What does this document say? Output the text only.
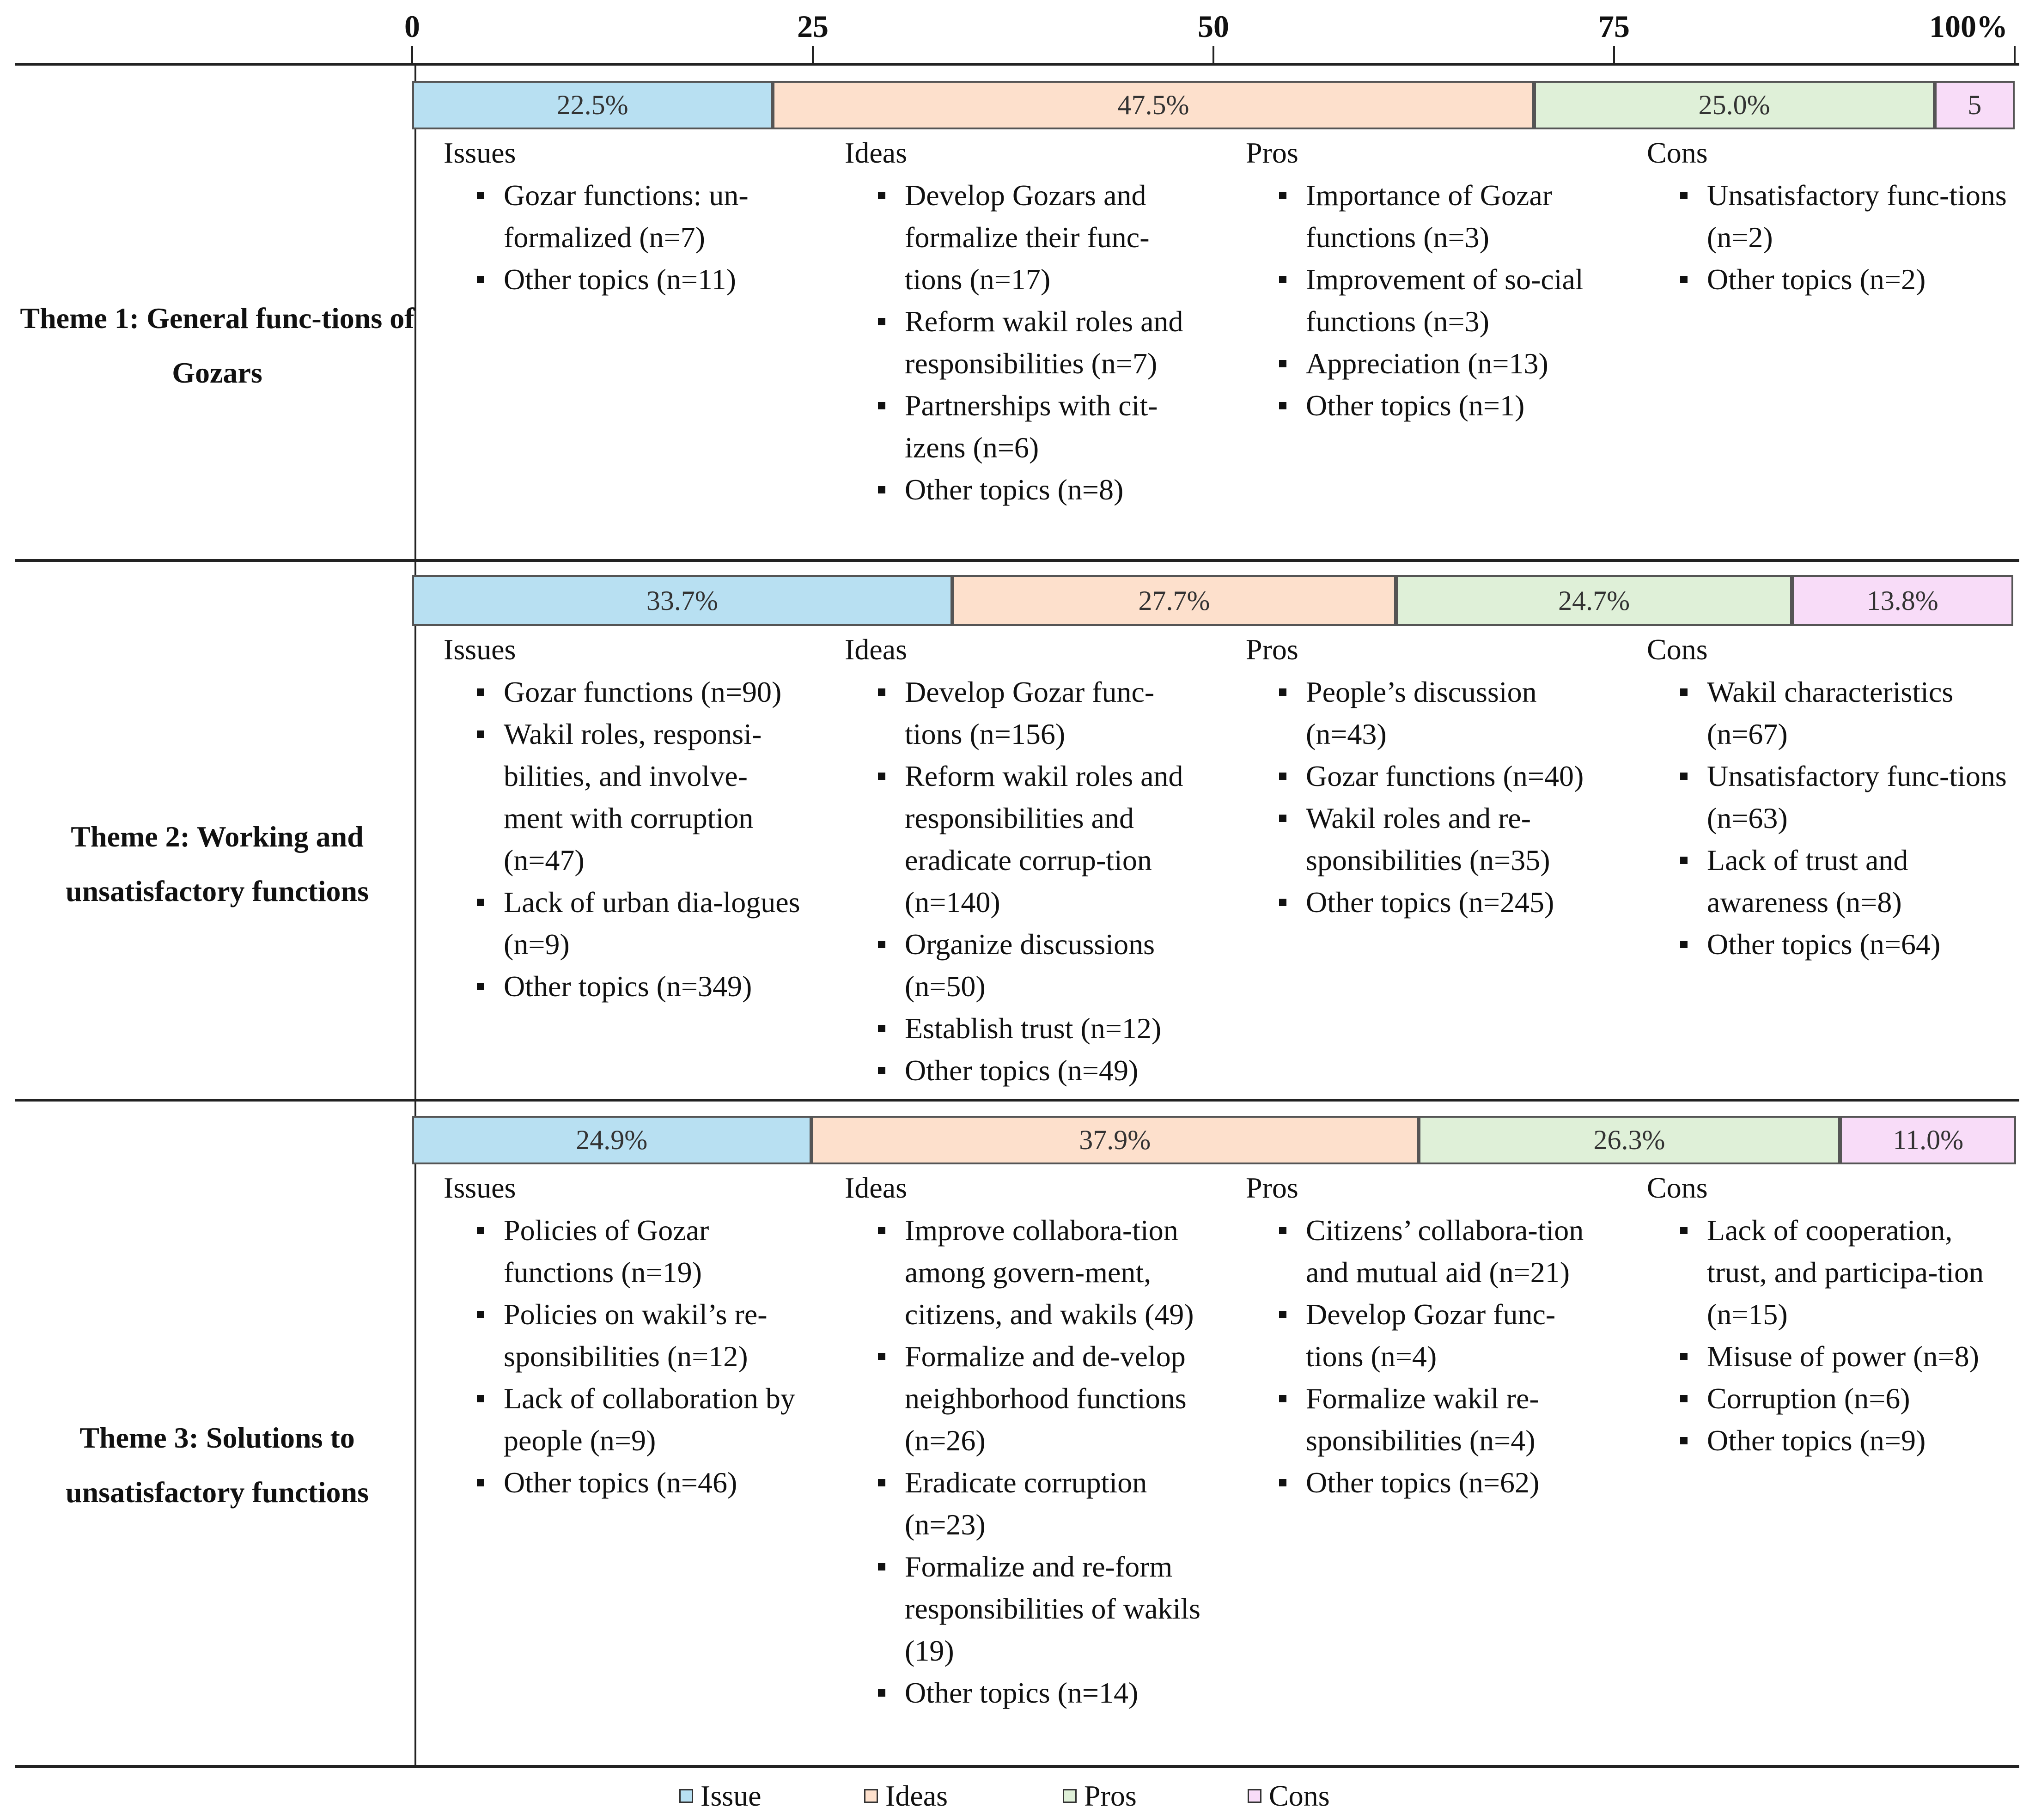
0	25	50	75	100%
Theme 1: General func-tions of Gozars
22.5%	47.5%	25.0%	5
Issues
Gozar functions: un-formalized (n=7)
Other topics (n=11)
Ideas
Develop Gozars and formalize their func-tions (n=17)
Reform wakil roles and responsibilities (n=7)
Partnerships with cit-izens (n=6)
Other topics (n=8)
Pros
Importance of Gozar functions (n=3)
Improvement of so-cial functions (n=3)
Appreciation (n=13)
Other topics (n=1)
Cons
Unsatisfactory func-tions (n=2)
Other topics (n=2)
Theme 2: Working and unsatisfactory functions
33.7%	27.7%	24.7%	13.8%
Issues
Gozar functions (n=90)
Wakil roles, responsi-bilities, and involve-ment with corruption (n=47)
Lack of urban dia-logues (n=9)
Other topics (n=349)
Ideas
Develop Gozar func-tions (n=156)
Reform wakil roles and responsibilities and eradicate corrup-tion (n=140)
Organize discussions (n=50)
Establish trust (n=12)
Other topics (n=49)
Pros
People’s discussion (n=43)
Gozar functions (n=40)
Wakil roles and re-sponsibilities (n=35)
Other topics (n=245)
Cons
Wakil characteristics (n=67)
Unsatisfactory func-tions (n=63)
Lack of trust and awareness (n=8)
Other topics (n=64)
Theme 3: Solutions to unsatisfactory functions
24.9%	37.9%	26.3%	11.0%
Issues
Policies of Gozar functions (n=19)
Policies on wakil’s re-sponsibilities (n=12)
Lack of collaboration by people (n=9)
Other topics (n=46)
Ideas
Improve collabora-tion among govern-ment, citizens, and wakils (49)
Formalize and de-velop neighborhood functions (n=26)
Eradicate corruption (n=23)
Formalize and re-form responsibilities of wakils (19)
Other topics (n=14)
Pros
Citizens’ collabora-tion and mutual aid (n=21)
Develop Gozar func-tions (n=4)
Formalize wakil re-sponsibilities (n=4)
Other topics (n=62)
Cons
Lack of cooperation, trust, and participa-tion (n=15)
Misuse of power (n=8)
Corruption (n=6)
Other topics (n=9)
Issue	Ideas	Pros	Cons
